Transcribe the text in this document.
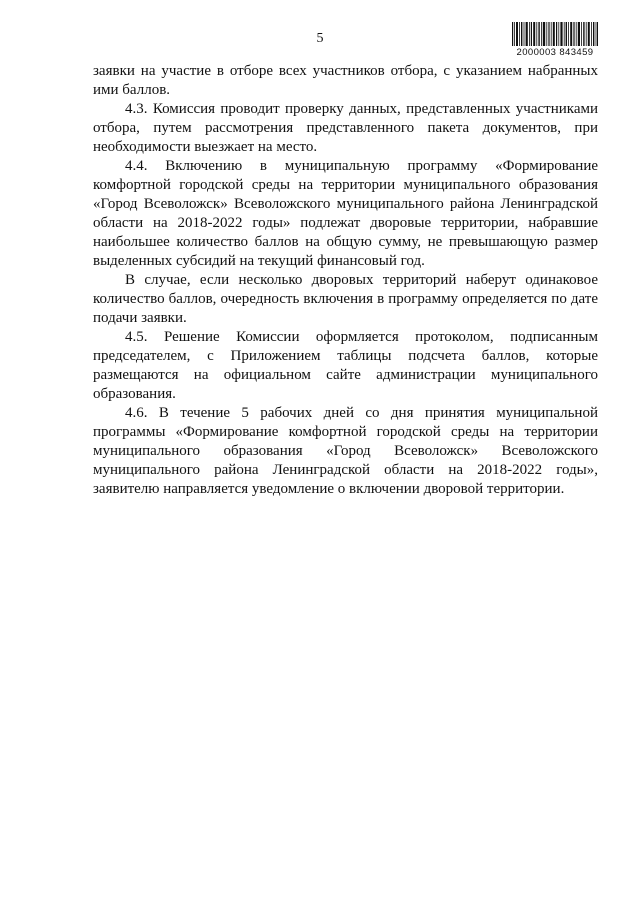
5
2000003 843459

заявки на участие в отборе всех участников отбора, с указанием набранных ими баллов.

4.3. Комиссия проводит проверку данных, представленных участниками отбора, путем рассмотрения представленного пакета документов, при необходимости выезжает на место.

4.4. Включению в муниципальную программу «Формирование комфортной городской среды на территории муниципального образования «Город Всеволожск» Всеволожского муниципального района Ленинградской области на 2018-2022 годы» подлежат дворовые территории, набравшие наибольшее количество баллов на общую сумму, не превышающую размер выделенных субсидий на текущий финансовый год.

В случае, если несколько дворовых территорий наберут одинаковое количество баллов, очередность включения в программу определяется по дате подачи заявки.

4.5. Решение Комиссии оформляется протоколом, подписанным председателем, с Приложением таблицы подсчета баллов, которые размещаются на официальном сайте администрации муниципального образования.

4.6. В течение 5 рабочих дней со дня принятия муниципальной программы «Формирование комфортной городской среды на территории муниципального образования «Город Всеволожск» Всеволожского муниципального района Ленинградской области на 2018-2022 годы», заявителю направляется уведомление о включении дворовой территории.
